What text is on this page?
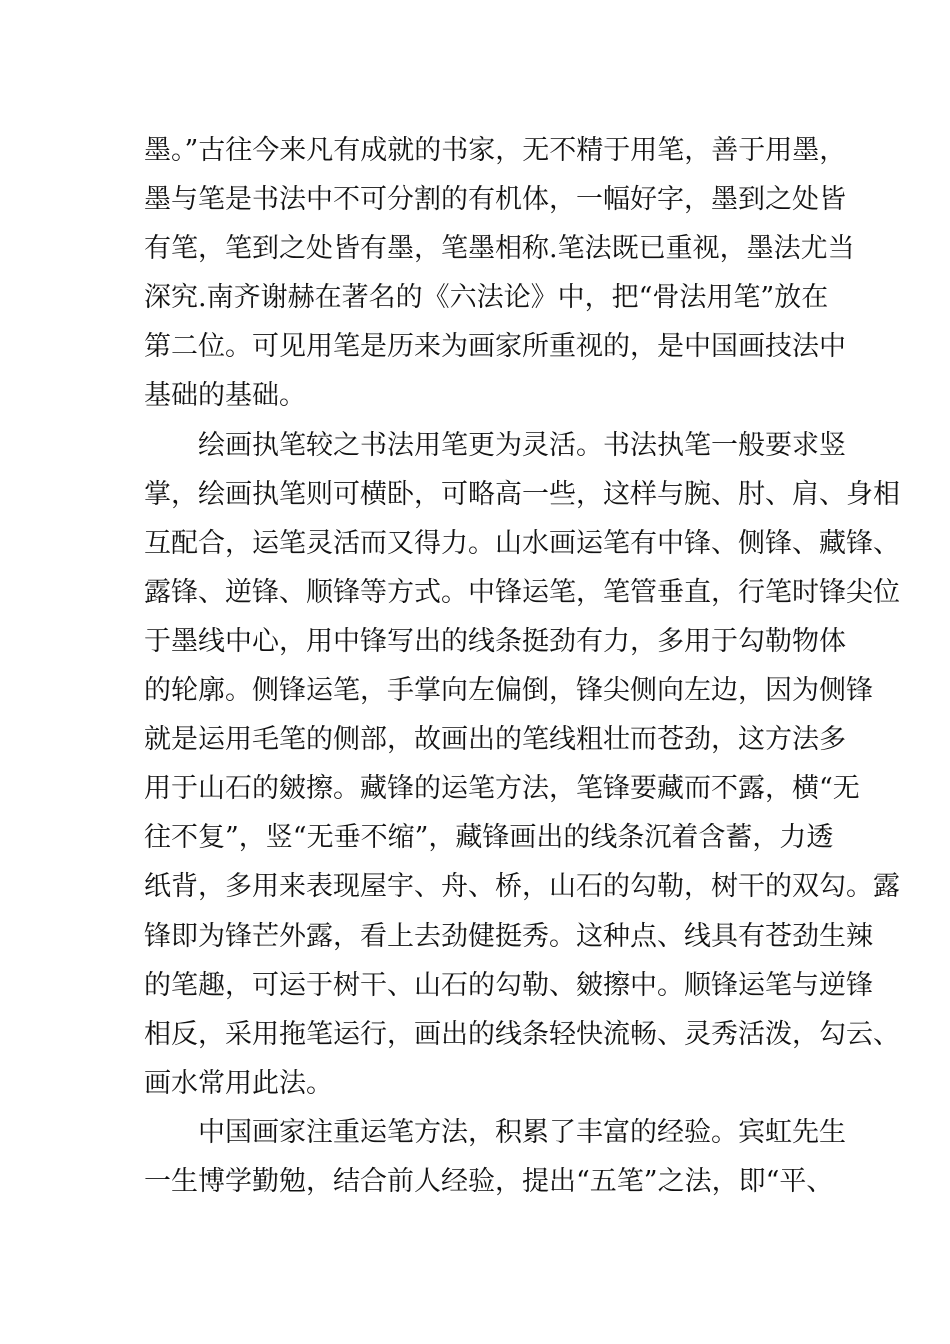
墨。”古往今来凡有成就的书家，无不精于用笔，善于用墨，
墨与笔是书法中不可分割的有机体，一幅好字，墨到之处皆
有笔，笔到之处皆有墨，笔墨相称.笔法既已重视，墨法尤当
深究.南齐谢赫在著名的《六法论》中，把“骨法用笔”放在
第二位。可见用笔是历来为画家所重视的，是中国画技法中
基础的基础。
绘画执笔较之书法用笔更为灵活。书法执笔一般要求竖
掌，绘画执笔则可横卧，可略高一些，这样与腕、肘、肩、身相
互配合，运笔灵活而又得力。山水画运笔有中锋、侧锋、藏锋、
露锋、逆锋、顺锋等方式。中锋运笔，笔管垂直，行笔时锋尖位
于墨线中心，用中锋写出的线条挺劲有力，多用于勾勒物体
的轮廓。侧锋运笔，手掌向左偏倒，锋尖侧向左边，因为侧锋
就是运用毛笔的侧部，故画出的笔线粗壮而苍劲，这方法多
用于山石的皴擦。藏锋的运笔方法，笔锋要藏而不露，横“无
往不复”，竖“无垂不缩”，藏锋画出的线条沉着含蓄，力透
纸背，多用来表现屋宇、舟、桥，山石的勾勒，树干的双勾。露
锋即为锋芒外露，看上去劲健挺秀。这种点、线具有苍劲生辣
的笔趣，可运于树干、山石的勾勒、皴擦中。顺锋运笔与逆锋
相反，采用拖笔运行，画出的线条轻快流畅、灵秀活泼，勾云、
画水常用此法。
中国画家注重运笔方法，积累了丰富的经验。宾虹先生
一生博学勤勉，结合前人经验，提出“五笔”之法，即“平、
